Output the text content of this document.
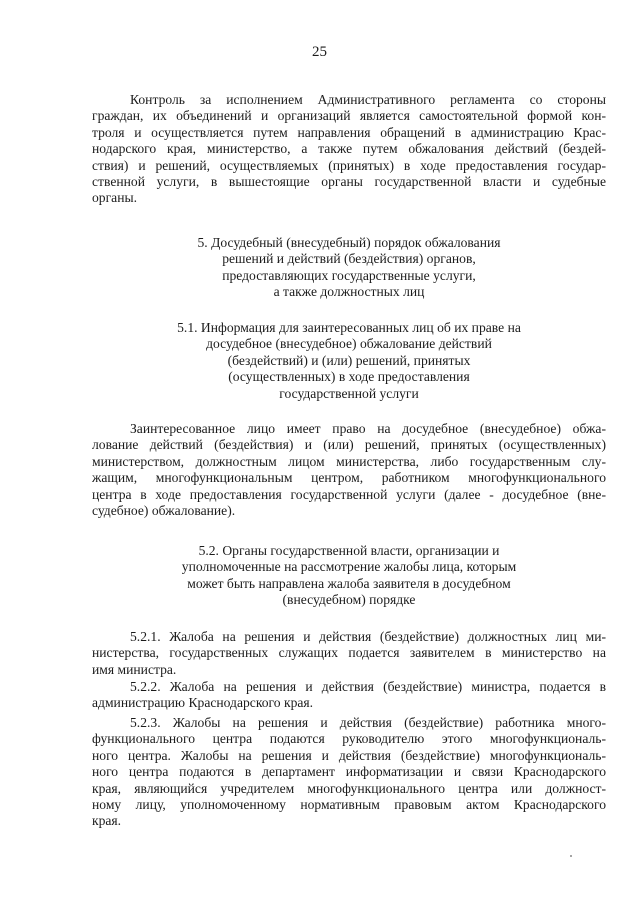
25
Контроль за исполнением Административного регламента со стороны
граждан, их объединений и организаций является самостоятельной формой кон-
троля и осуществляется путем направления обращений в администрацию Крас-
нодарского края, министерство, а также путем обжалования действий (бездей-
ствия) и решений, осуществляемых (принятых) в ходе предоставления государ-
ственной услуги, в вышестоящие органы государственной власти и судебные
органы.
5. Досудебный (внесудебный) порядок обжалования
решений и действий (бездействия) органов,
предоставляющих государственные услуги,
а также должностных лиц
5.1. Информация для заинтересованных лиц об их праве на
досудебное (внесудебное) обжалование действий
(бездействий) и (или) решений, принятых
(осуществленных) в ходе предоставления
государственной услуги
Заинтересованное лицо имеет право на досудебное (внесудебное) обжа-
лование действий (бездействия) и (или) решений, принятых (осуществленных)
министерством, должностным лицом министерства, либо государственным слу-
жащим, многофункциональным центром, работником многофункционального
центра в ходе предоставления государственной услуги (далее - досудебное (вне-
судебное) обжалование).
5.2. Органы государственной власти, организации и
уполномоченные на рассмотрение жалобы лица, которым
может быть направлена жалоба заявителя в досудебном
(внесудебном) порядке
5.2.1. Жалоба на решения и действия (бездействие) должностных лиц ми-
нистерства, государственных служащих подается заявителем в министерство на
имя министра.
5.2.2. Жалоба на решения и действия (бездействие) министра, подается в
администрацию Краснодарского края.
5.2.3. Жалобы на решения и действия (бездействие) работника много-
функционального центра подаются руководителю этого многофункциональ-
ного центра. Жалобы на решения и действия (бездействие) многофункциональ-
ного центра подаются в департамент информатизации и связи Краснодарского
края, являющийся учредителем многофункционального центра или должност-
ному лицу, уполномоченному нормативным правовым актом Краснодарского
края.
